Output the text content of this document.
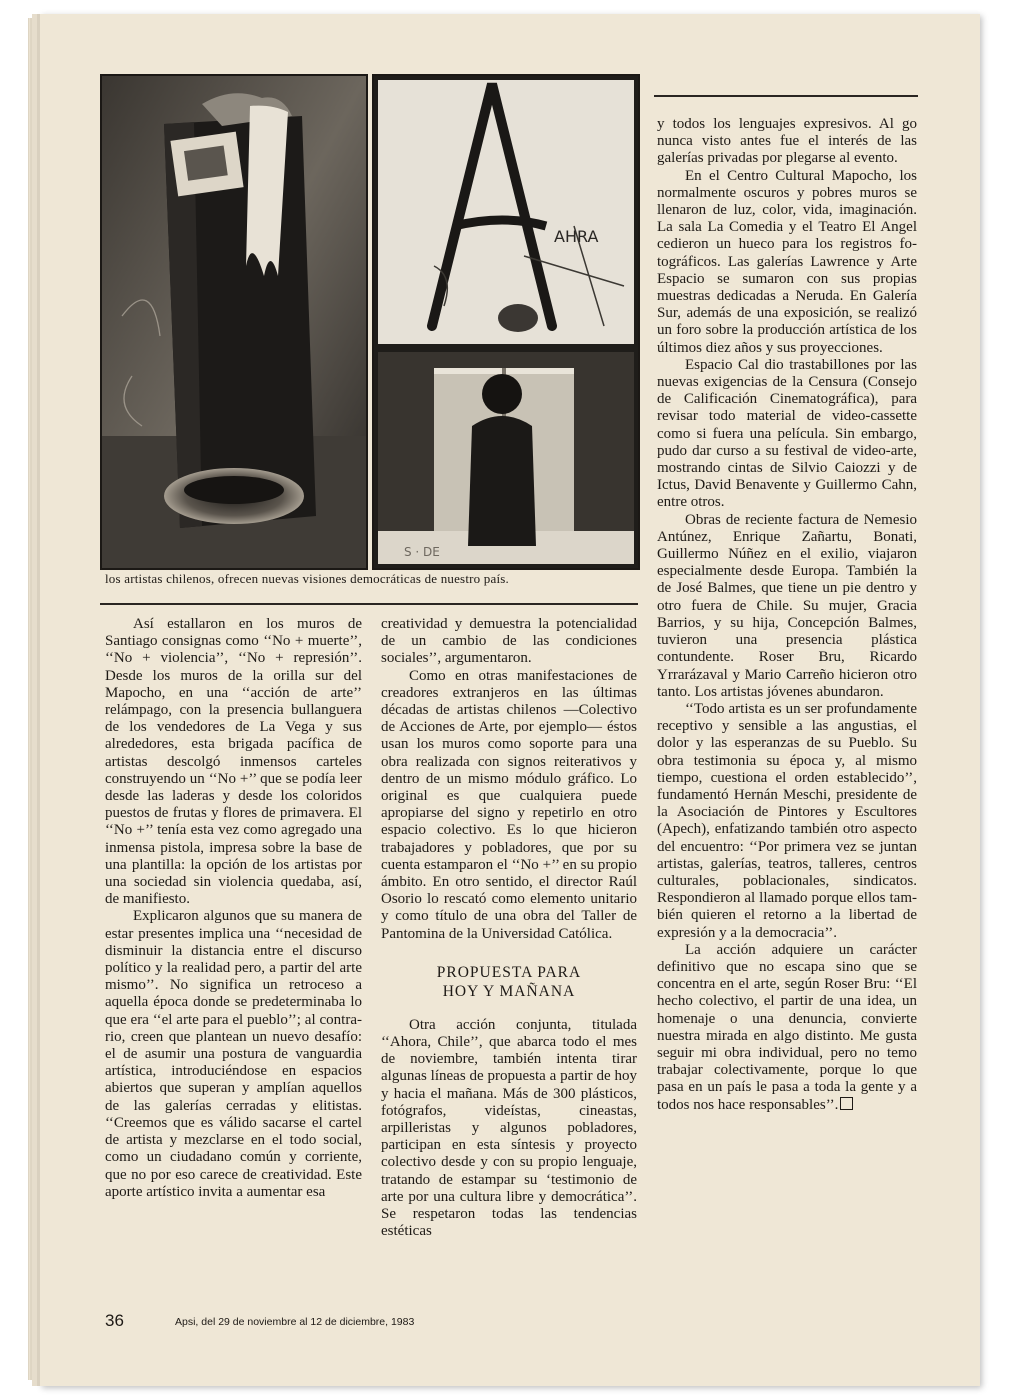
AHRA
S · DE
los artistas chilenos, ofrecen nuevas visiones democráticas de nuestro país.

Así estallaron en los muros de Santiago consignas como ‘‘No + muerte’’, ‘‘No + violencia’’, ‘‘No + represión’’. Desde los muros de la orilla sur del Mapocho, en una ‘‘acción de arte’’ relámpago, con la presencia bullanguera de los vendedores de La Vega y sus alrededores, esta brigada pacífica de artistas descolgó inmensos carteles construyendo un ‘‘No +’’ que se podía leer desde las laderas y desde los coloridos puestos de frutas y flores de primavera. El ‘‘No +’’ tenía esta vez como agregado una inmensa pistola, impresa sobre la base de una plantilla: la opción de los artistas por una sociedad sin violencia quedaba, así, de manifiesto.

Explicaron algunos que su manera de estar presentes implica una ‘‘necesidad de disminuir la distancia entre el discurso político y la realidad pero, a partir del arte mismo’’. No significa un retroceso a aquella época donde se predeterminaba lo que era ‘‘el arte para el pueblo’’; al contrario, creen que plantean un nuevo desafío: el de asumir una postura de vanguardia artística, introduciéndose en espacios abiertos que superan y amplían aquellos de las galerías cerradas y elitistas. ‘‘Creemos que es válido sacarse el cartel de artista y mezclarse en el todo social, como un ciudadano común y corriente, que no por eso carece de creatividad. Este aporte artístico invita a aumentar esa

creatividad y demuestra la potencialidad de un cambio de las condiciones sociales’’, argumentaron.

Como en otras manifestaciones de creadores extranjeros en las últimas décadas de artistas chilenos —Colectivo de Acciones de Arte, por ejemplo— éstos usan los muros como soporte para una obra realizada con signos reiterativos y dentro de un mismo módulo gráfico. Lo original es que cualquiera puede apropiarse del signo y repetirlo en otro espacio colectivo. Es lo que hicieron trabajadores y pobladores, que por su cuenta estamparon el ‘‘No +’’ en su propio ámbito. En otro sentido, el director Raúl Osorio lo rescató como elemento unitario y como título de una obra del Taller de Pantomina de la Universidad Católica.

PROPUESTA PARA
HOY Y MAÑANA

Otra acción conjunta, titulada ‘‘Ahora, Chile’’, que abarca todo el mes de noviembre, también intenta tirar algunas líneas de propuesta a partir de hoy y hacia el mañana. Más de 300 plásticos, fotógrafos, videístas, cineastas, arpilleristas y algunos pobladores, participan en esta síntesis y proyecto colectivo desde y con su propio lenguaje, tratando de estampar su ‘testimonio de arte por una cultura libre y democrática’’. Se respetaron todas las tendencias estéticas

y todos los lenguajes expresivos. Al go nunca visto antes fue el interés de las galerías privadas por plegarse al evento.

En el Centro Cultural Mapocho, los normalmente oscuros y pobres muros se llenaron de luz, color, vida, imaginación. La sala La Comedia y el Teatro El Angel cedieron un hueco para los registros fotográficos. Las galerías Lawrence y Arte Espacio se sumaron con sus propias muestras dedicadas a Neruda. En Galería Sur, además de una exposición, se realizó un foro sobre la producción artística de los últimos diez años y sus proyecciones.

Espacio Cal dio trastabillones por las nuevas exigencias de la Censura (Consejo de Calificación Cinematográfica), para revisar todo material de video-cassette como si fuera una película. Sin embargo, pudo dar curso a su festival de video-arte, mostrando cintas de Silvio Caiozzi y de Ictus, David Benavente y Guillermo Cahn, entre otros.

Obras de reciente factura de Nemesio Antúnez, Enrique Zañartu, Bonati, Guillermo Núñez en el exilio, viajaron especialmente desde Europa. También la de José Balmes, que tiene un pie dentro y otro fuera de Chile. Su mujer, Gracia Barrios, y su hija, Concepción Balmes, tuvieron una presencia plástica contundente. Roser Bru, Ricardo Yrrarázaval y Mario Carreño hicieron otro tanto. Los artistas jóvenes abundaron.

‘‘Todo artista es un ser profundamente receptivo y sensible a las angustias, el dolor y las esperanzas de su Pueblo. Su obra testimonia su época y, al mismo tiempo, cuestiona el orden establecido’’, fundamentó Hernán Meschi, presidente de la Asociación de Pintores y Escultores (Apech), enfatizando también otro aspecto del encuentro: ‘‘Por primera vez se juntan artistas, galerías, teatros, talleres, centros culturales, poblacionales, sindicatos. Respondieron al llamado porque ellos también quieren el retorno a la libertad de expresión y a la democracia’’.

La acción adquiere un carácter definitivo que no escapa sino que se concentra en el arte, según Roser Bru: ‘‘El hecho colectivo, el partir de una idea, un homenaje o una denuncia, convierte nuestra mirada en algo distinto. Me gusta seguir mi obra individual, pero no temo trabajar colectivamente, porque lo que pasa en un país le pasa a toda la gente y a todos nos hace responsables’’.

36	Apsi, del 29 de noviembre al 12 de diciembre, 1983
